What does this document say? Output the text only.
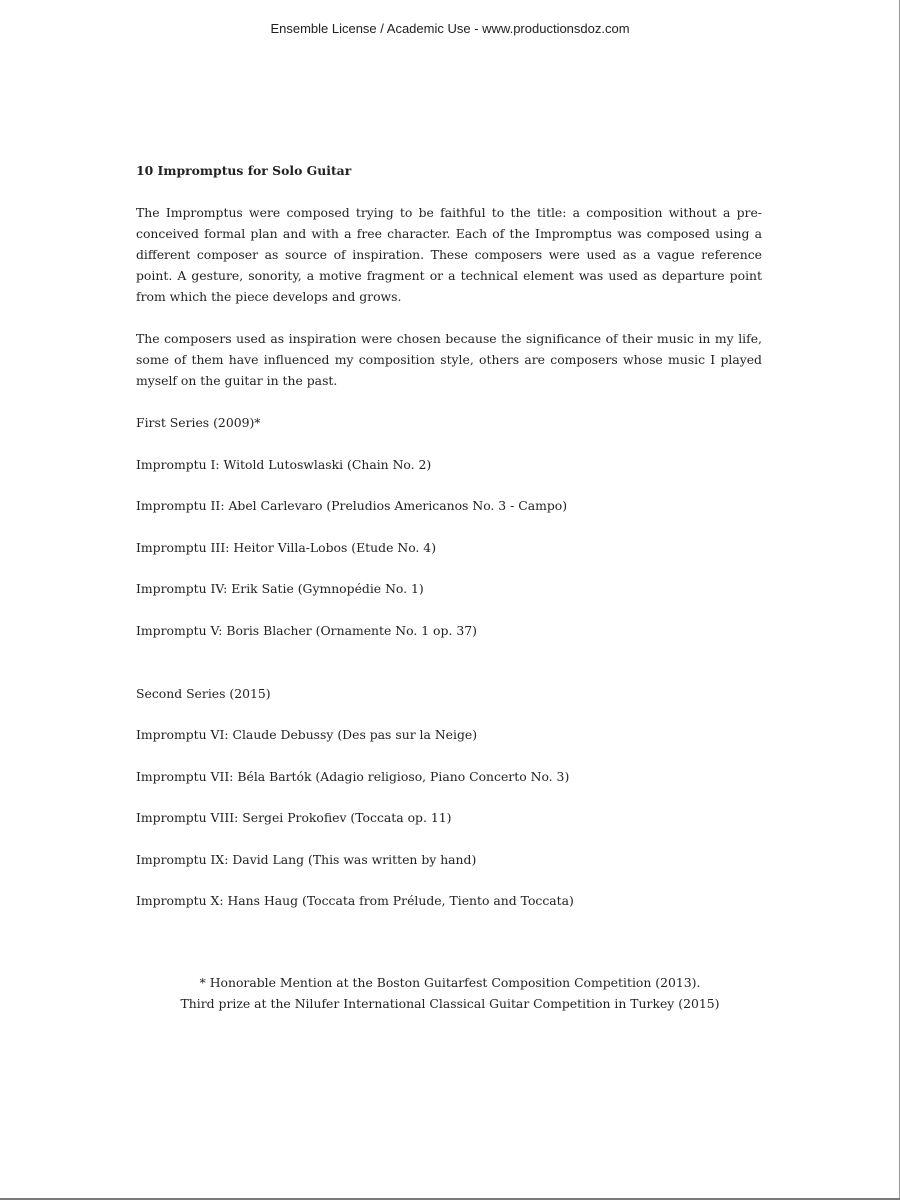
Ensemble License / Academic Use - www.productionsdoz.com
10 Impromptus for Solo Guitar

The Impromptus were composed trying to be faithful to the title: a composition without a pre-conceived formal plan and with a free character. Each of the Impromptus was composed using a different composer as source of inspiration. These composers were used as a vague reference point. A gesture, sonority, a motive fragment or a technical element was used as departure point from which the piece develops and grows.

The composers used as inspiration were chosen because the significance of their music in my life, some of them have influenced my composition style, others are composers whose music I played myself on the guitar in the past.

First Series (2009)*
Impromptu I: Witold Lutoswlaski (Chain No. 2)
Impromptu II: Abel Carlevaro (Preludios Americanos No. 3 - Campo)
Impromptu III: Heitor Villa-Lobos (Etude No. 4)
Impromptu IV: Erik Satie (Gymnopédie No. 1)
Impromptu V: Boris Blacher (Ornamente No. 1 op. 37)
Second Series (2015)
Impromptu VI: Claude Debussy (Des pas sur la Neige)
Impromptu VII: Béla Bartók (Adagio religioso, Piano Concerto No. 3)
Impromptu VIII: Sergei Prokofiev (Toccata op. 11)
Impromptu IX: David Lang (This was written by hand)
Impromptu X: Hans Haug (Toccata from Prélude, Tiento and Toccata)
* Honorable Mention at the Boston Guitarfest Composition Competition (2013).
Third prize at the Nilufer International Classical Guitar Competition in Turkey (2015)
